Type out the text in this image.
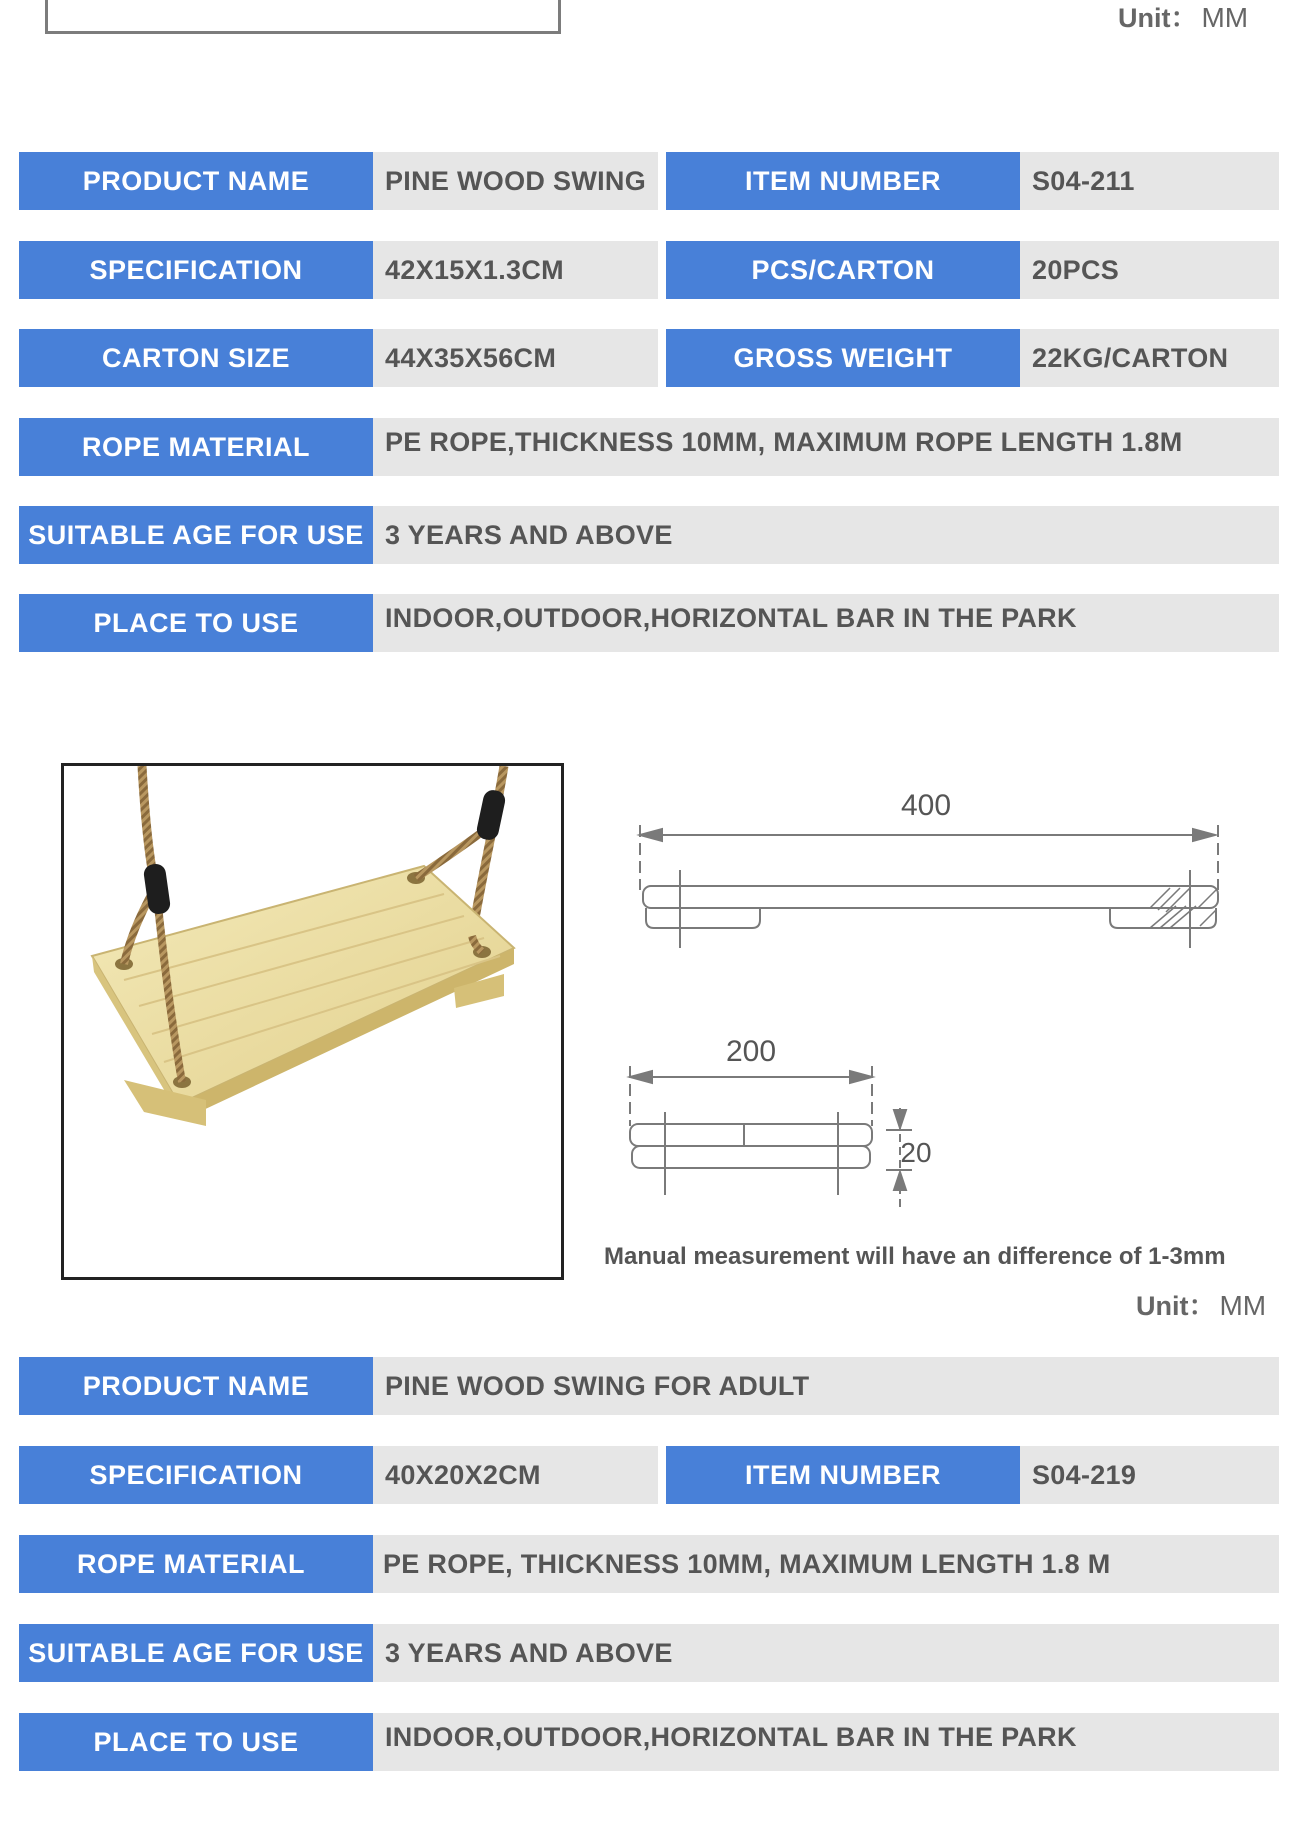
Unit： MM
PRODUCT NAME	PINE WOOD SWING	ITEM NUMBER	S04-211
SPECIFICATION	42X15X1.3CM	PCS/CARTON	20PCS
CARTON SIZE	44X35X56CM	GROSS WEIGHT	22KG/CARTON
ROPE MATERIAL	PE ROPE,THICKNESS 10MM, MAXIMUM ROPE LENGTH 1.8M
SUITABLE AGE FOR USE 3 YEARS AND ABOVE
PLACE TO USE	INDOOR,OUTDOOR,HORIZONTAL BAR IN THE PARK
400
200
20
Manual measurement will have an difference of 1-3mm
Unit： MM
PRODUCT NAME	PINE WOOD SWING FOR ADULT
SPECIFICATION	40X20X2CM	ITEM NUMBER	S04-219
ROPE MATERIAL	PE ROPE, THICKNESS 10MM, MAXIMUM LENGTH 1.8 M
SUITABLE AGE FOR USE 3 YEARS AND ABOVE
PLACE TO USE	INDOOR,OUTDOOR,HORIZONTAL BAR IN THE PARK
